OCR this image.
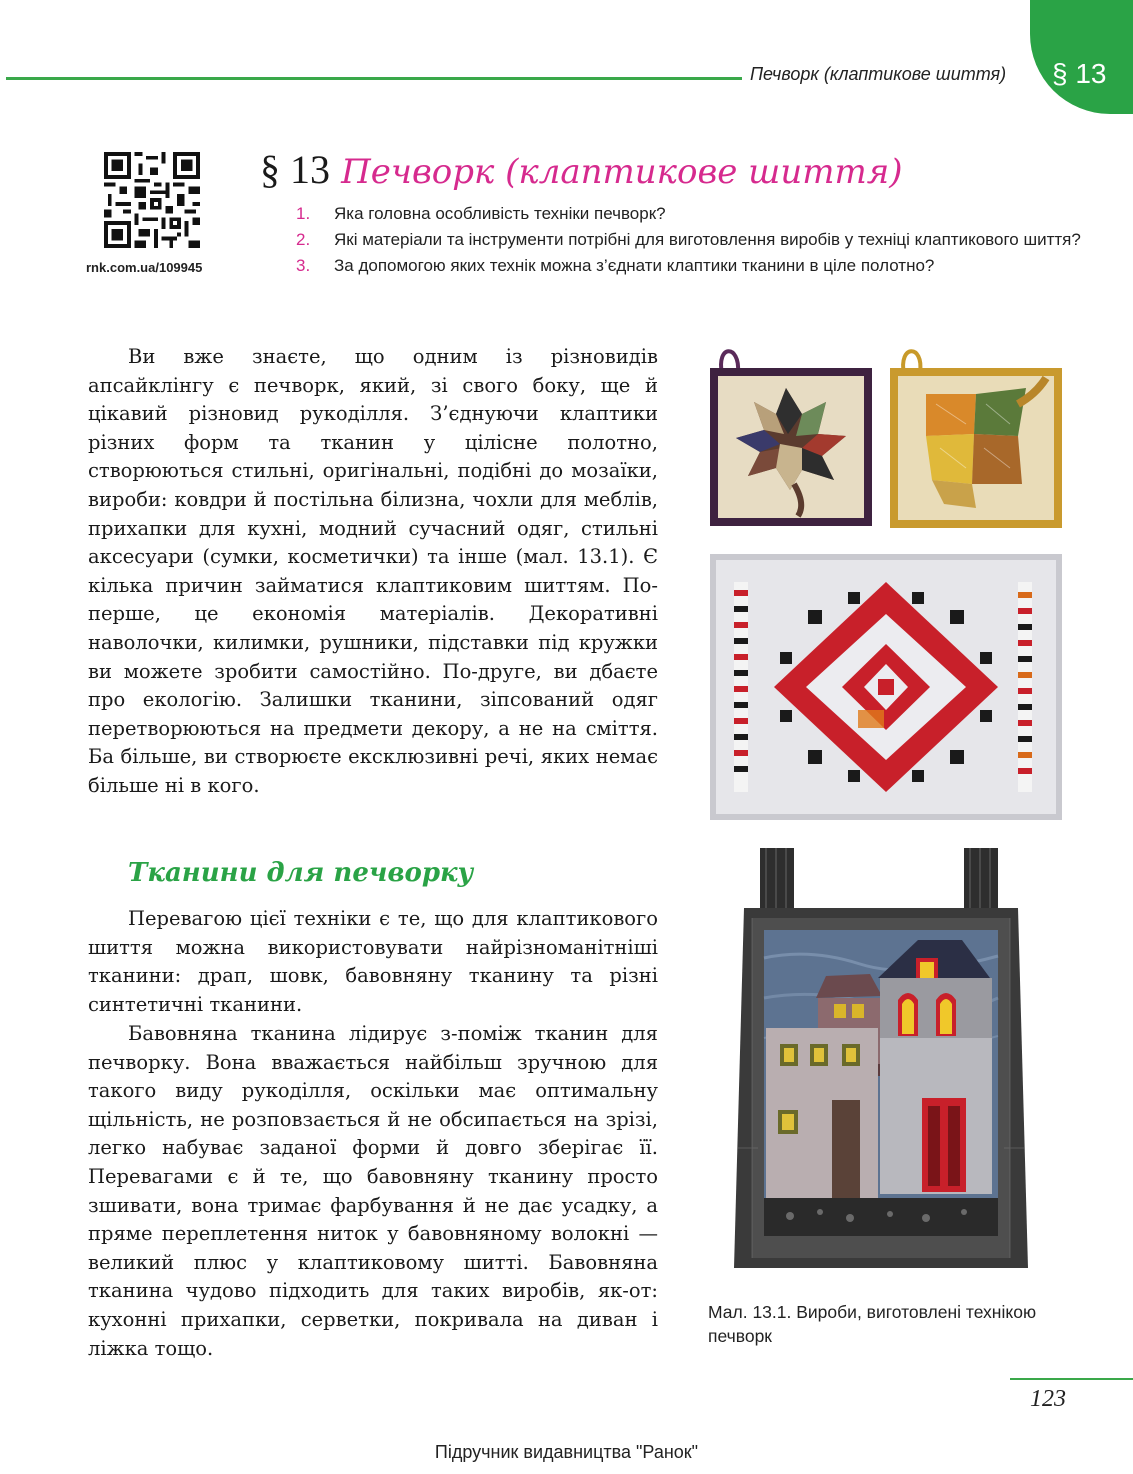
Печворк (клаптикове шиття) § 13
rnk.com.ua/109945
§ 13 Печворк (клаптикове шиття)
1. Яка головна особливість техніки печворк?
2. Які матеріали та інструменти потрібні для виготовлення виробів у техніці клаптикового шиття?
3. За допомогою яких технік можна з’єднати клаптики тканини в ціле полотно?

Ви вже знаєте, що одним із різновидів апсайклінгу є печворк, який, зі свого боку, ще й цікавий різновид рукоділля. З’єднуючи клаптики різних форм та тканин у цілісне полотно, створюються стильні, оригінальні, подібні до мозаїки, вироби: ковдри й постільна білизна, чохли для меблів, прихапки для кухні, модний сучасний одяг, стильні аксесуари (сумки, косметички) та інше (мал. 13.1). Є кілька причин займатися клаптиковим шиттям. По-перше, це економія матеріалів. Декоративні наволочки, килимки, рушники, підставки під кружки ви можете зробити самостійно. По-друге, ви дбаєте про екологію. Залишки тканини, зіпсований одяг перетворюються на предмети декору, а не на сміття. Ба більше, ви створюєте ексклюзивні речі, яких немає більше ні в кого.

Тканини для печворку

Перевагою цієї техніки є те, що для клаптикового шиття можна використовувати найрізноманітніші тканини: драп, шовк, бавовняну тканину та різні синтетичні тканини.

Бавовняна тканина лідирує з-поміж тканин для печворку. Вона вважається найбільш зручною для такого виду рукоділля, оскільки має оптимальну щільність, не розповзається й не обсипається на зрізі, легко набуває заданої форми й довго зберігає її. Перевагами є й те, що бавовняну тканину просто зшивати, вона тримає фарбування й не дає усадку, а пряме переплетення ниток у бавовняному волокні — великий плюс у клаптиковому шитті. Бавовняна тканина чудово підходить для таких виробів, як-от: кухонні прихапки, серветки, покривала на диван і ліжка тощо.

Мал. 13.1. Вироби, виготовлені технікою печворк
123
Підручник видавництва "Ранок"
